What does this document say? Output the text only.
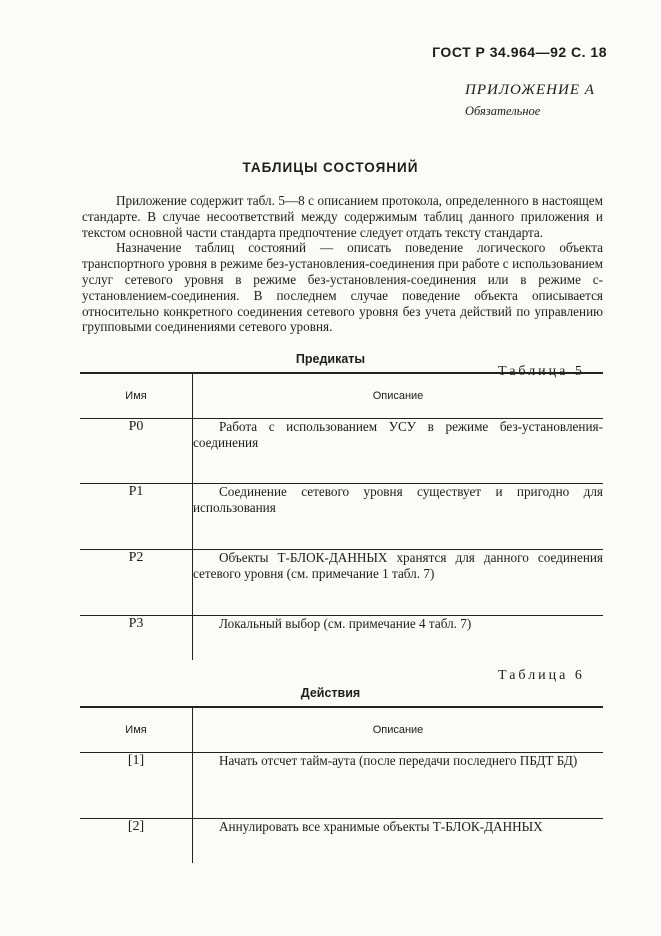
ГОСТ Р 34.964—92 С. 18
ПРИЛОЖЕНИЕ А
Обязательное
ТАБЛИЦЫ СОСТОЯНИЙ

Приложение содержит табл. 5—8 с описанием протокола, определенного в настоящем стандарте. В случае несоответствий между содержимым таблиц данного приложения и текстом основной части стандарта предпочтение следует отдать тексту стандарта.

Назначение таблиц состояний — описать поведение логического объекта транспортного уровня в режиме без-установления-соединения при работе с использованием услуг сетевого уровня в режиме без-установления-соединения или в режиме с-установлением-соединения. В последнем случае поведение объекта описывается относительно конкретного соединения сетевого уровня без учета действий по управлению групповыми соединениями сетевого уровня.

Таблица 5
Предикаты
Имя	Описание
P0	Работа с использованием УСУ в режиме без-установления-соединения

P1	Соединение сетевого уровня существует и пригодно для использования

P2	Объекты Т-БЛОК-ДАННЫХ хранятся для данного соединения сетевого уровня (см. примечание 1 табл. 7)

P3	Локальный выбор (см. примечание 4 табл. 7)
Таблица 6
Действия
Имя	Описание
[1]	Начать отсчет тайм-аута (после передачи последнего ПБДТ БД)

[2]	Аннулировать все хранимые объекты Т-БЛОК-ДАННЫХ
